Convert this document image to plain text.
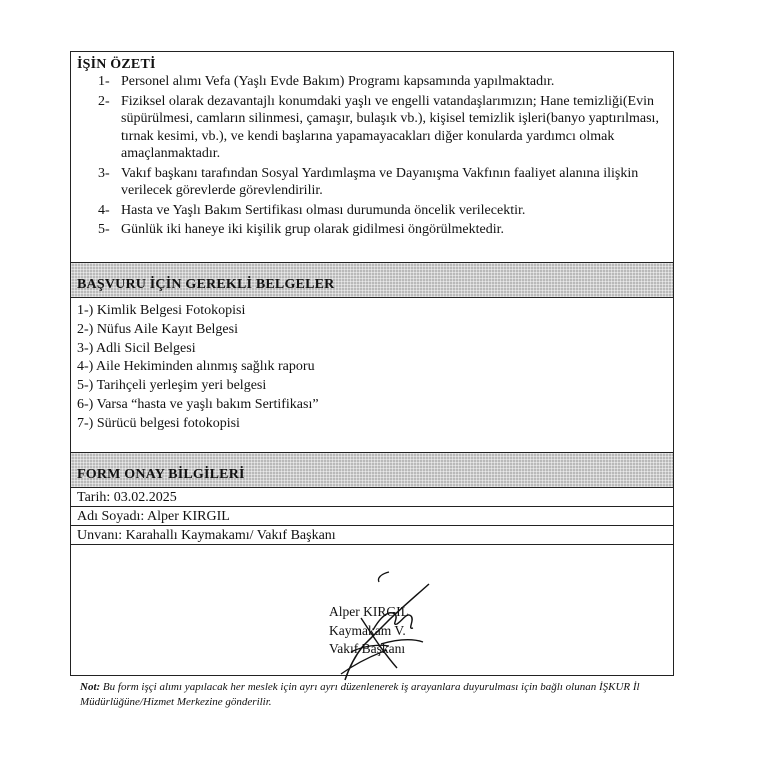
İŞİN ÖZETİ
1- Personel alımı Vefa (Yaşlı Evde Bakım) Programı kapsamında yapılmaktadır.
2- Fiziksel olarak dezavantajlı konumdaki yaşlı ve engelli vatandaşlarımızın; Hane temizliği(Evin süpürülmesi, camların silinmesi, çamaşır, bulaşık vb.), kişisel temizlik işleri(banyo yaptırılması, tırnak kesimi, vb.), ve kendi başlarına yapamayacakları diğer konularda yardımcı olmak amaçlanmaktadır.
3- Vakıf başkanı tarafından Sosyal Yardımlaşma ve Dayanışma Vakfının faaliyet alanına ilişkin verilecek görevlerde görevlendirilir.
4- Hasta ve Yaşlı Bakım Sertifikası olması durumunda öncelik verilecektir.
5- Günlük iki haneye iki kişilik grup olarak gidilmesi öngörülmektedir.
BAŞVURU İÇİN GEREKLİ BELGELER
1-) Kimlik Belgesi Fotokopisi
2-) Nüfus Aile Kayıt Belgesi
3-) Adli Sicil Belgesi
4-) Aile Hekiminden alınmış sağlık raporu
5-) Tarihçeli yerleşim yeri belgesi
6-) Varsa “hasta ve yaşlı bakım Sertifikası”
7-) Sürücü belgesi fotokopisi
FORM ONAY BİLGİLERİ
Tarih: 03.02.2025
Adı Soyadı: Alper KIRGIL
Unvanı: Karahallı Kaymakamı/ Vakıf Başkanı
Alper KIRGIL
Kaymakam V.
Vakıf Başkanı
Not: Bu form işçi alımı yapılacak her meslek için ayrı ayrı düzenlenerek iş arayanlara duyurulması için bağlı olunan İŞKUR İl Müdürlüğüne/Hizmet Merkezine gönderilir.
